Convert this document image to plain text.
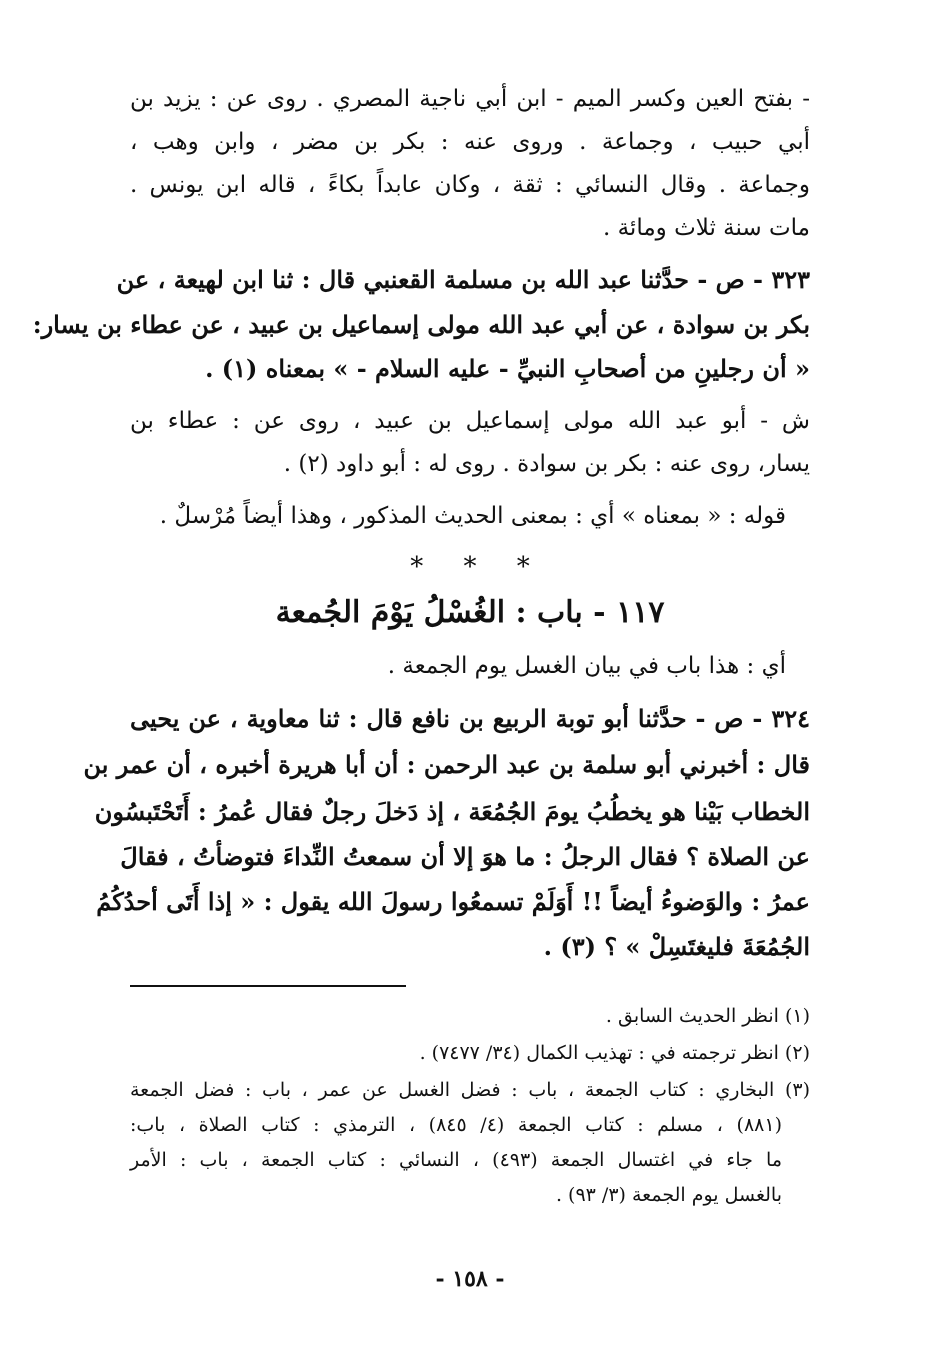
- بفتح العين وكسر الميم - ابن أبي ناجية المصري . روى عن : يزيد بن
أبي حبيب ، وجماعة . وروى عنه : بكر بن مضر ، وابن وهب ،
وجماعة . وقال النسائي : ثقة ، وكان عابداً بكاءً ، قاله ابن يونس .
مات سنة ثلاث ومائة .
٣٢٣ - ص - حدَّثنا عبد الله بن مسلمة القعنبي قال : ثنا ابن لهيعة ، عن
بكر بن سوادة ، عن أبي عبد الله مولى إسماعيل بن عبيد ، عن عطاء بن يسار:
« أن رجلينِ من أصحابِ النبيِّ - عليه السلام - » بمعناه (١) .
ش - أبو عبد الله مولى إسماعيل بن عبيد ، روى عن : عطاء بن
يسار، روى عنه : بكر بن سوادة . روى له : أبو داود (٢) .
قوله : « بمعناه » أي : بمعنى الحديث المذكور ، وهذا أيضاً مُرْسلٌ .
* * *
١١٧ - باب : الغُسْلُ يَوْمَ الجُمعة
أي : هذا باب في بيان الغسل يوم الجمعة .
٣٢٤ - ص - حدَّثنا أبو توبة الربيع بن نافع قال : ثنا معاوية ، عن يحيى
قال : أخبرني أبو سلمة بن عبد الرحمن : أن أبا هريرة أخبره ، أن عمر بن
الخطاب بَيْنا هو يخطُبُ يومَ الجُمُعَة ، إذ دَخلَ رجلٌ فقال عُمرُ : أَتَحْتَبسُون
عن الصلاة ؟ فقال الرجلُ : ما هوَ إلا أن سمعتُ النِّداءَ فتوضأتُ ، فقالَ
عمرُ : والوَضوءُ أيضاً !! أَوَلَمْ تسمعُوا رسولَ الله يقول : « إذا أَتَى أحدُكُمُ
الجُمُعَةَ فليغتَسِلْ » ؟ (٣) .
(١) انظر الحديث السابق .
(٢) انظر ترجمته في : تهذيب الكمال (٣٤/ ٧٤٧٧) .
(٣) البخاري : كتاب الجمعة ، باب : فضل الغسل عن عمر ، باب : فضل الجمعة
(٨٨١) ، مسلم : كتاب الجمعة (٤/ ٨٤٥) ، الترمذي : كتاب الصلاة ، باب:
ما جاء في اغتسال الجمعة (٤٩٣) ، النسائي : كتاب الجمعة ، باب : الأمر
بالغسل يوم الجمعة (٣/ ٩٣) .
- ١٥٨ -
